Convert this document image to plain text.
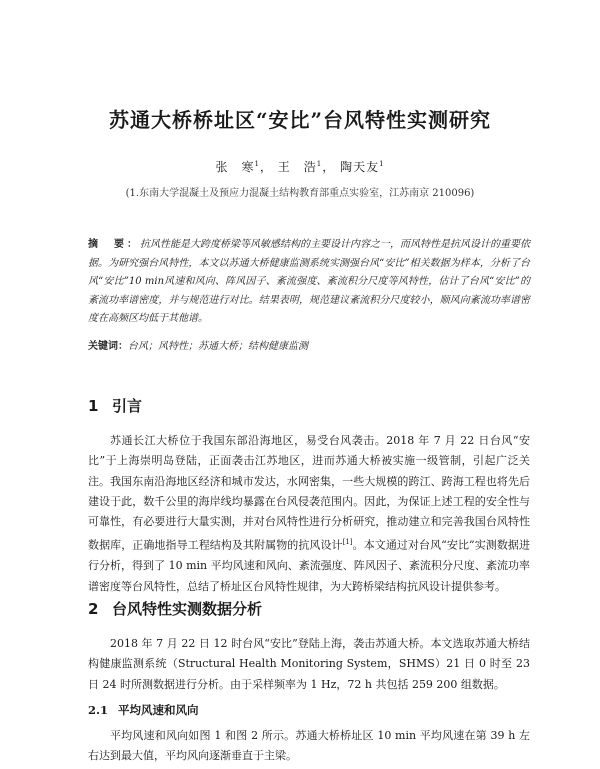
苏通大桥桥址区“安比”台风特性实测研究
张　寒$^1$， 王　浩$^1$， 陶天友$^1$
(1.东南大学混凝土及预应力混凝土结构教育部重点实验室，江苏南京 210096)
摘　要：抗风性能是大跨度桥梁等风敏感结构的主要设计内容之一，而风特性是抗风设计的重要依据。为研究强台风特性，本文以苏通大桥健康监测系统实测强台风“安比”相关数据为样本，分析了台风“安比”10 min风速和风向、阵风因子、紊流强度、紊流积分尺度等风特性，估计了台风“安比”的紊流功率谱密度，并与规范进行对比。结果表明，规范建议紊流积分尺度较小，顺风向紊流功率谱密度在高频区均低于其他谱。
关键词：台风；风特性；苏通大桥；结构健康监测
1 引言
苏通长江大桥位于我国东部沿海地区，易受台风袭击。2018 年 7 月 22 日台风“安比”于上海崇明岛登陆，正面袭击江苏地区，进而苏通大桥被实施一级管制，引起广泛关注。我国东南沿海地区经济和城市发达，水网密集，一些大规模的跨江、跨海工程也将先后建设于此，数千公里的海岸线均暴露在台风侵袭范围内。因此，为保证上述工程的安全性与可靠性，有必要进行大量实测，并对台风特性进行分析研究，推动建立和完善我国台风特性数据库，正确地指导工程结构及其附属物的抗风设计[1]。本文通过对台风“安比”实测数据进行分析，得到了 10 min 平均风速和风向、紊流强度、阵风因子、紊流积分尺度、紊流功率谱密度等台风特性，总结了桥址区台风特性规律，为大跨桥梁结构抗风设计提供参考。
2 台风特性实测数据分析
2018 年 7 月 22 日 12 时台风“安比”登陆上海，袭击苏通大桥。本文选取苏通大桥结构健康监测系统（Structural Health Monitoring System，SHMS）21 日 0 时至 23 日 24 时所测数据进行分析。由于采样频率为 1 Hz，72 h 共包括 259 200 组数据。
2.1 平均风速和风向
平均风速和风向如图 1 和图 2 所示。苏通大桥桥址区 10 min 平均风速在第 39 h 左右达到最大值，平均风向逐渐垂直于主梁。
